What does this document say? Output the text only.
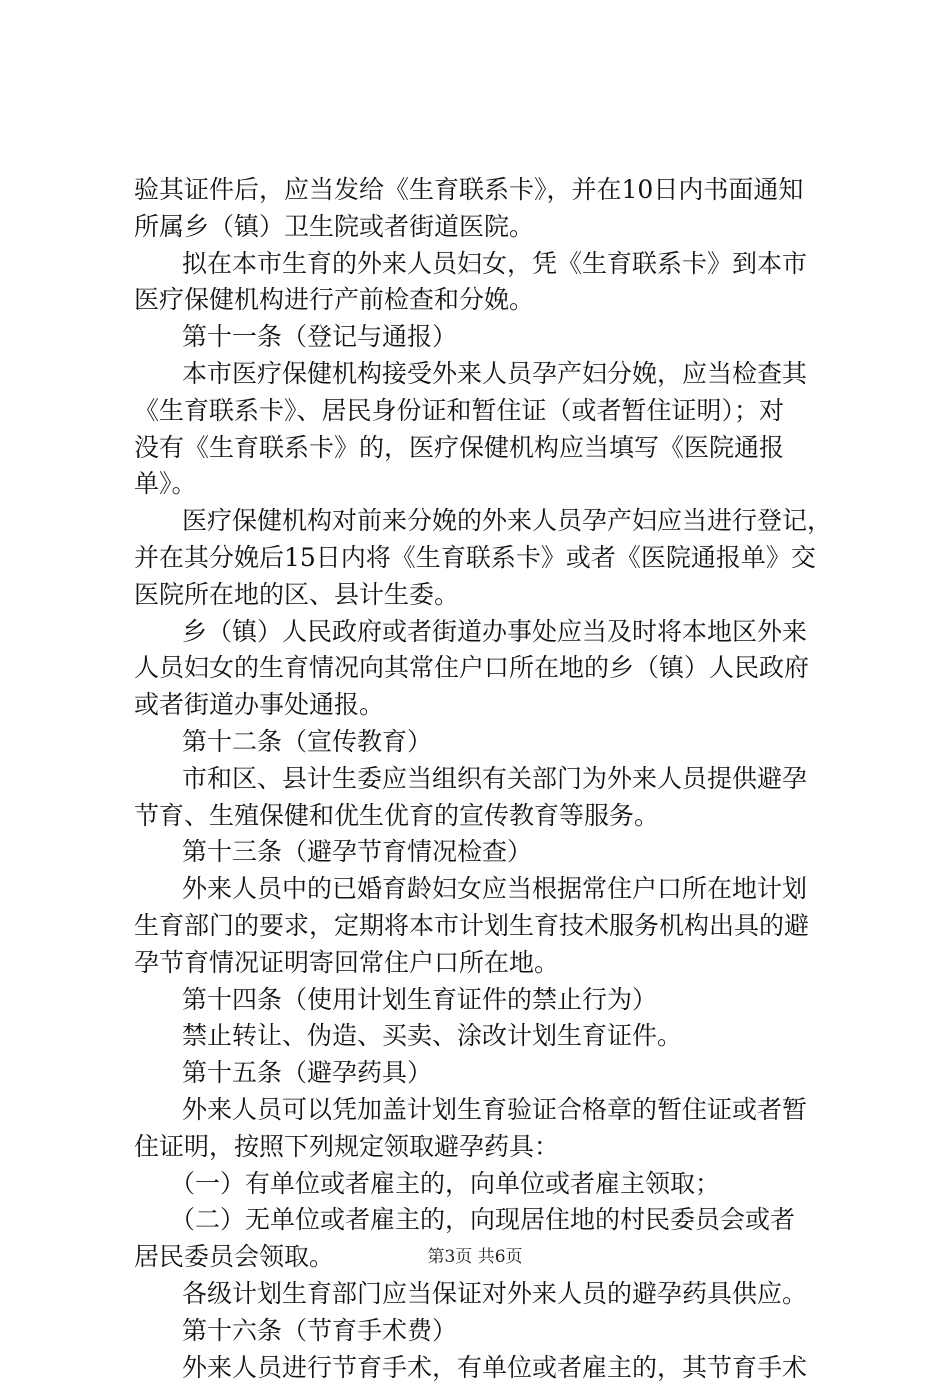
验其证件后，应当发给《生育联系卡》，并在10日内书面通知
所属乡（镇）卫生院或者街道医院。
拟在本市生育的外来人员妇女，凭《生育联系卡》到本市
医疗保健机构进行产前检查和分娩。
第十一条（登记与通报）
本市医疗保健机构接受外来人员孕产妇分娩，应当检查其
《生育联系卡》、居民身份证和暂住证（或者暂住证明）；对
没有《生育联系卡》的，医疗保健机构应当填写《医院通报
单》。
医疗保健机构对前来分娩的外来人员孕产妇应当进行登记，
并在其分娩后15日内将《生育联系卡》或者《医院通报单》交
医院所在地的区、县计生委。
乡（镇）人民政府或者街道办事处应当及时将本地区外来
人员妇女的生育情况向其常住户口所在地的乡（镇）人民政府
或者街道办事处通报。
第十二条（宣传教育）
市和区、县计生委应当组织有关部门为外来人员提供避孕
节育、生殖保健和优生优育的宣传教育等服务。
第十三条（避孕节育情况检查）
外来人员中的已婚育龄妇女应当根据常住户口所在地计划
生育部门的要求，定期将本市计划生育技术服务机构出具的避
孕节育情况证明寄回常住户口所在地。
第十四条（使用计划生育证件的禁止行为）
禁止转让、伪造、买卖、涂改计划生育证件。
第十五条（避孕药具）
外来人员可以凭加盖计划生育验证合格章的暂住证或者暂
住证明，按照下列规定领取避孕药具：
（一）有单位或者雇主的，向单位或者雇主领取；
（二）无单位或者雇主的，向现居住地的村民委员会或者
居民委员会领取。
各级计划生育部门应当保证对外来人员的避孕药具供应。
第十六条（节育手术费）
外来人员进行节育手术，有单位或者雇主的，其节育手术
第3页 共6页
